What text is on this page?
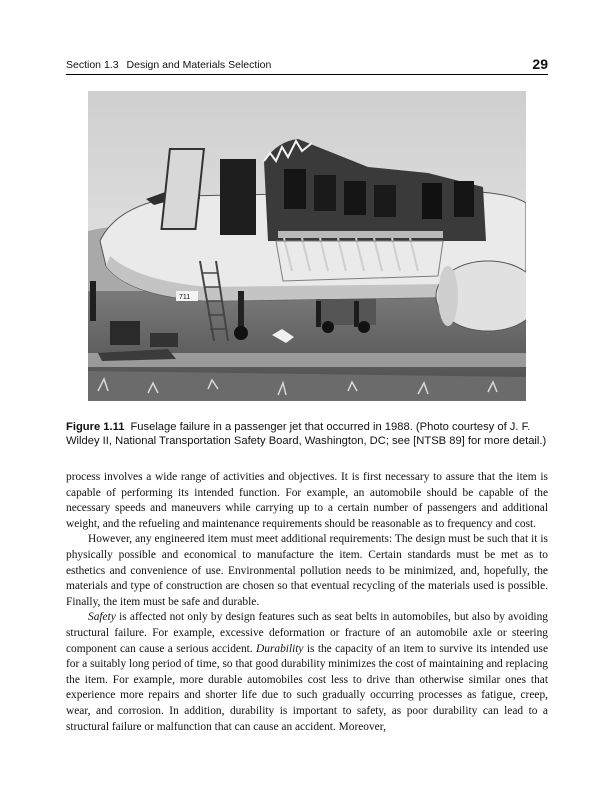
Section 1.3 Design and Materials Selection	29
711
Figure 1.11 Fuselage failure in a passenger jet that occurred in 1988. (Photo courtesy of J. F. Wildey II, National Transportation Safety Board, Washington, DC; see [NTSB 89] for more detail.)

process involves a wide range of activities and objectives. It is first necessary to assure that the item is capable of performing its intended function. For example, an automobile should be capable of the necessary speeds and maneuvers while carrying up to a certain number of passengers and additional weight, and the refueling and maintenance requirements should be reasonable as to frequency and cost.

However, any engineered item must meet additional requirements: The design must be such that it is physically possible and economical to manufacture the item. Certain standards must be met as to esthetics and convenience of use. Environmental pollution needs to be minimized, and, hopefully, the materials and type of construction are chosen so that eventual recycling of the materials used is possible. Finally, the item must be safe and durable.

Safety is affected not only by design features such as seat belts in automobiles, but also by avoiding structural failure. For example, excessive deformation or fracture of an automobile axle or steering component can cause a serious accident. Durability is the capacity of an item to survive its intended use for a suitably long period of time, so that good durability minimizes the cost of maintaining and replacing the item. For example, more durable automobiles cost less to drive than otherwise similar ones that experience more repairs and shorter life due to such gradually occurring processes as fatigue, creep, wear, and corrosion. In addition, durability is important to safety, as poor durability can lead to a structural failure or malfunction that can cause an accident. Moreover,
